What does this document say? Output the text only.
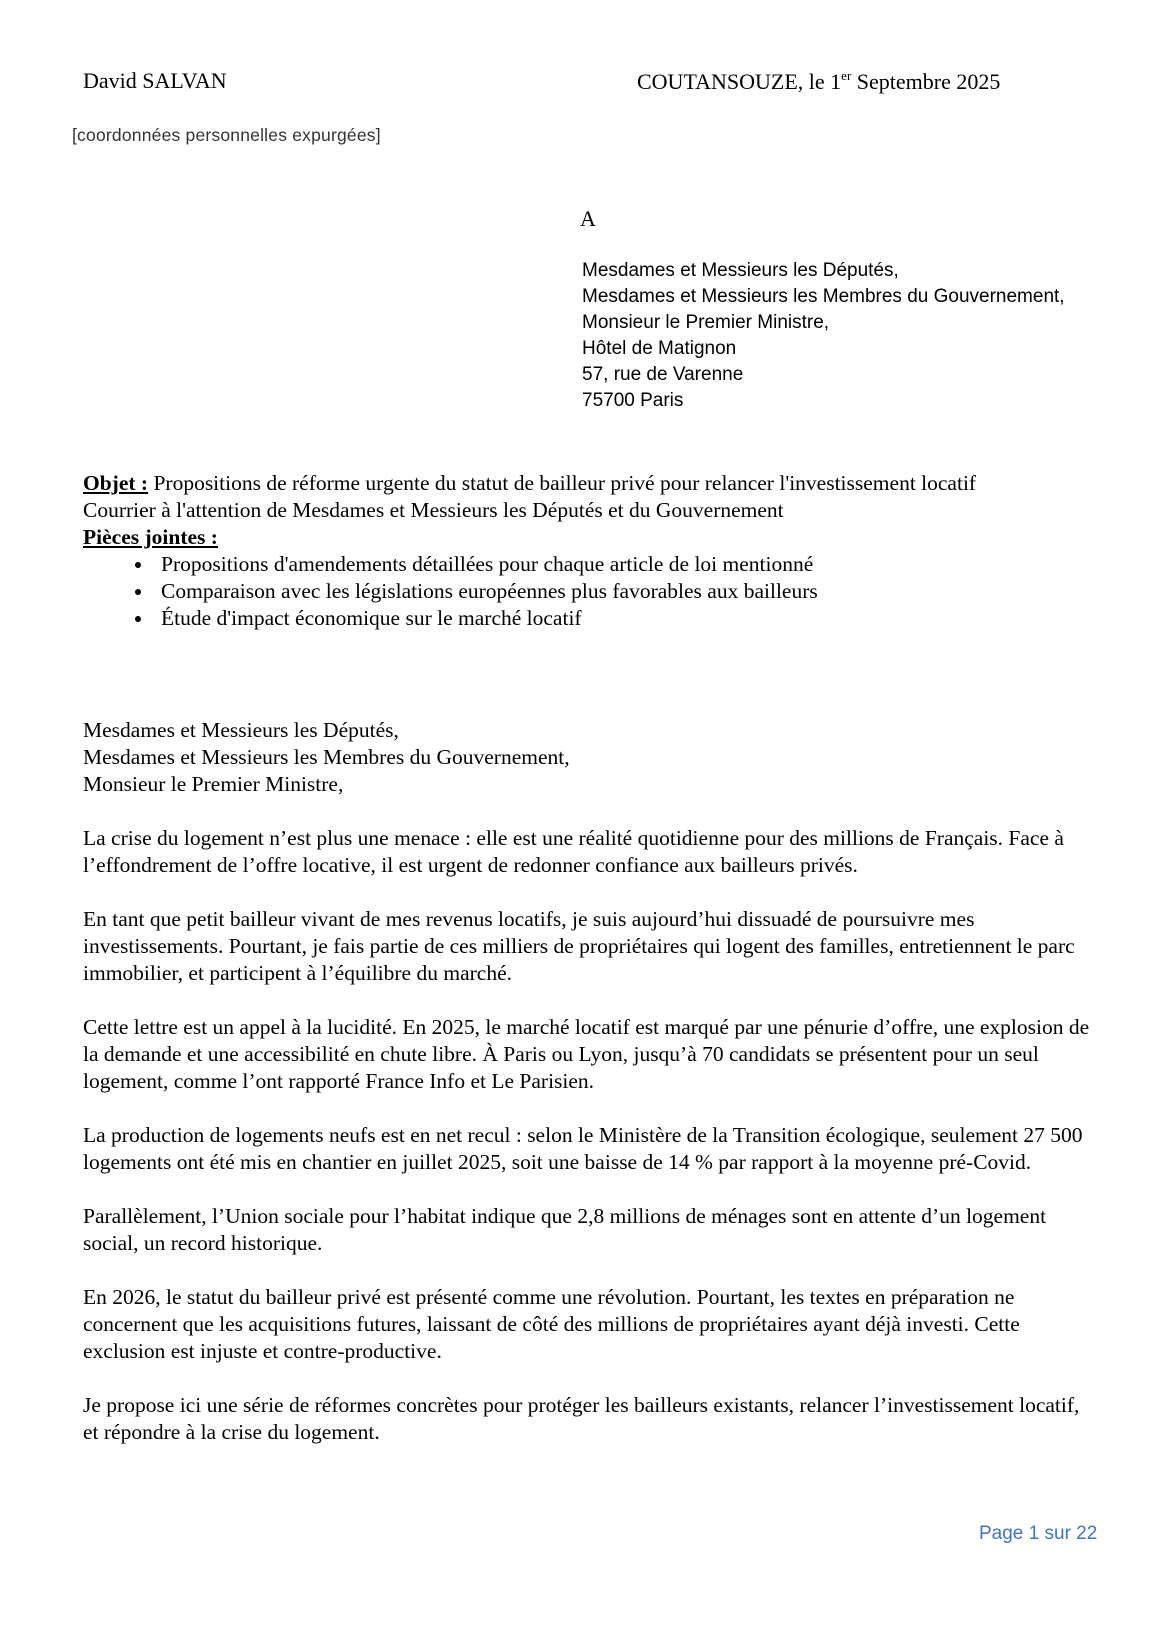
David SALVAN	COUTANSOUZE, le 1er Septembre 2025
[coordonnées personnelles expurgées]
A
Mesdames et Messieurs les Députés,
Mesdames et Messieurs les Membres du Gouvernement,
Monsieur le Premier Ministre,
Hôtel de Matignon
57, rue de Varenne
75700 Paris
Objet : Propositions de réforme urgente du statut de bailleur privé pour relancer l'investissement locatif
Courrier à l'attention de Mesdames et Messieurs les Députés et du Gouvernement
Pièces jointes :
• Propositions d'amendements détaillées pour chaque article de loi mentionné
• Comparaison avec les législations européennes plus favorables aux bailleurs
• Étude d'impact économique sur le marché locatif

Mesdames et Messieurs les Députés,
Mesdames et Messieurs les Membres du Gouvernement,
Monsieur le Premier Ministre,

La crise du logement n’est plus une menace : elle est une réalité quotidienne pour des millions de Français. Face à l’effondrement de l’offre locative, il est urgent de redonner confiance aux bailleurs privés.

En tant que petit bailleur vivant de mes revenus locatifs, je suis aujourd’hui dissuadé de poursuivre mes investissements. Pourtant, je fais partie de ces milliers de propriétaires qui logent des familles, entretiennent le parc immobilier, et participent à l’équilibre du marché.

Cette lettre est un appel à la lucidité. En 2025, le marché locatif est marqué par une pénurie d’offre, une explosion de la demande et une accessibilité en chute libre. À Paris ou Lyon, jusqu’à 70 candidats se présentent pour un seul logement, comme l’ont rapporté France Info et Le Parisien.

La production de logements neufs est en net recul : selon le Ministère de la Transition écologique, seulement 27 500 logements ont été mis en chantier en juillet 2025, soit une baisse de 14 % par rapport à la moyenne pré-Covid.

Parallèlement, l’Union sociale pour l’habitat indique que 2,8 millions de ménages sont en attente d’un logement social, un record historique.

En 2026, le statut du bailleur privé est présenté comme une révolution. Pourtant, les textes en préparation ne concernent que les acquisitions futures, laissant de côté des millions de propriétaires ayant déjà investi. Cette exclusion est injuste et contre-productive.

Je propose ici une série de réformes concrètes pour protéger les bailleurs existants, relancer l’investissement locatif, et répondre à la crise du logement.

Page 1 sur 22
